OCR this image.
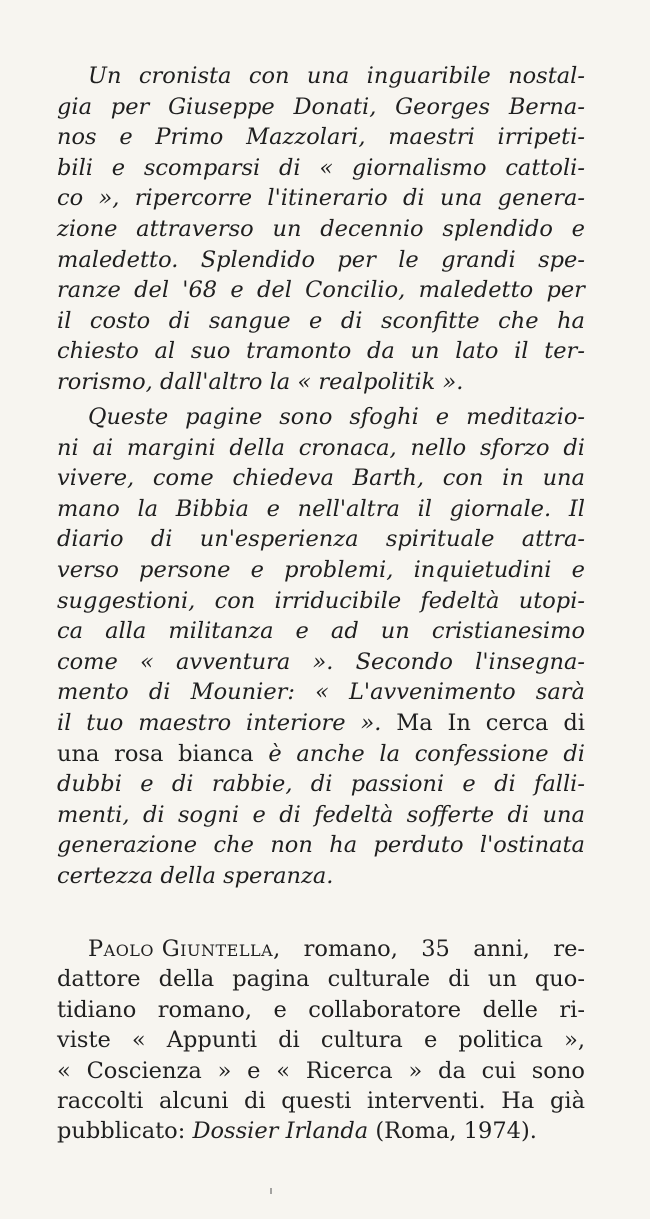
Un cronista con una inguaribile nostal-
gia per Giuseppe Donati, Georges Berna-
nos e Primo Mazzolari, maestri irripeti-
bili e scomparsi di « giornalismo cattoli-
co », ripercorre l'itinerario di una genera-
zione attraverso un decennio splendido e
maledetto. Splendido per le grandi spe-
ranze del '68 e del Concilio, maledetto per
il costo di sangue e di sconfitte che ha
chiesto al suo tramonto da un lato il ter-
rorismo, dall'altro la « realpolitik ».
Queste pagine sono sfoghi e meditazio-
ni ai margini della cronaca, nello sforzo di
vivere, come chiedeva Barth, con in una
mano la Bibbia e nell'altra il giornale. Il
diario di un'esperienza spirituale attra-
verso persone e problemi, inquietudini e
suggestioni, con irriducibile fedeltà utopi-
ca alla militanza e ad un cristianesimo
come « avventura ». Secondo l'insegna-
mento di Mounier: « L'avvenimento sarà
il tuo maestro interiore ». Ma In cerca di
una rosa bianca è anche la confessione di
dubbi e di rabbie, di passioni e di falli-
menti, di sogni e di fedeltà sofferte di una
generazione che non ha perduto l'ostinata
certezza della speranza.
Paolo Giuntella, romano, 35 anni, re-
dattore della pagina culturale di un quo-
tidiano romano, e collaboratore delle ri-
viste « Appunti di cultura e politica »,
« Coscienza » e « Ricerca » da cui sono
raccolti alcuni di questi interventi. Ha già
pubblicato: Dossier Irlanda (Roma, 1974).
